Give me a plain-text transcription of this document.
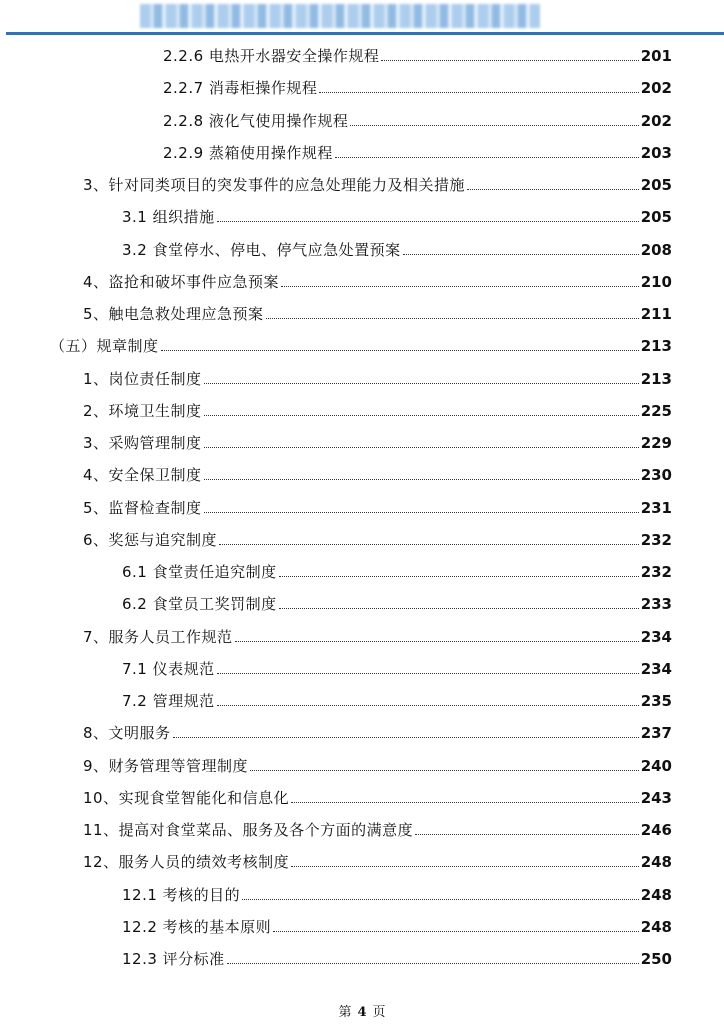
2.2.6 电热开水器安全操作规程	201
2.2.7 消毒柜操作规程	202
2.2.8 液化气使用操作规程	202
2.2.9 蒸箱使用操作规程	203
3、针对同类项目的突发事件的应急处理能力及相关措施	205
3.1 组织措施	205
3.2 食堂停水、停电、停气应急处置预案	208
4、盗抢和破坏事件应急预案	210
5、触电急救处理应急预案	211
（五）规章制度	213
1、岗位责任制度	213
2、环境卫生制度	225
3、采购管理制度	229
4、安全保卫制度	230
5、监督检查制度	231
6、奖惩与追究制度	232
6.1 食堂责任追究制度	232
6.2 食堂员工奖罚制度	233
7、服务人员工作规范	234
7.1 仪表规范	234
7.2 管理规范	235
8、文明服务	237
9、财务管理等管理制度	240
10、实现食堂智能化和信息化	243
11、提高对食堂菜品、服务及各个方面的满意度	246
12、服务人员的绩效考核制度	248
12.1 考核的目的	248
12.2 考核的基本原则	248
12.3 评分标准	250
第 4 页
